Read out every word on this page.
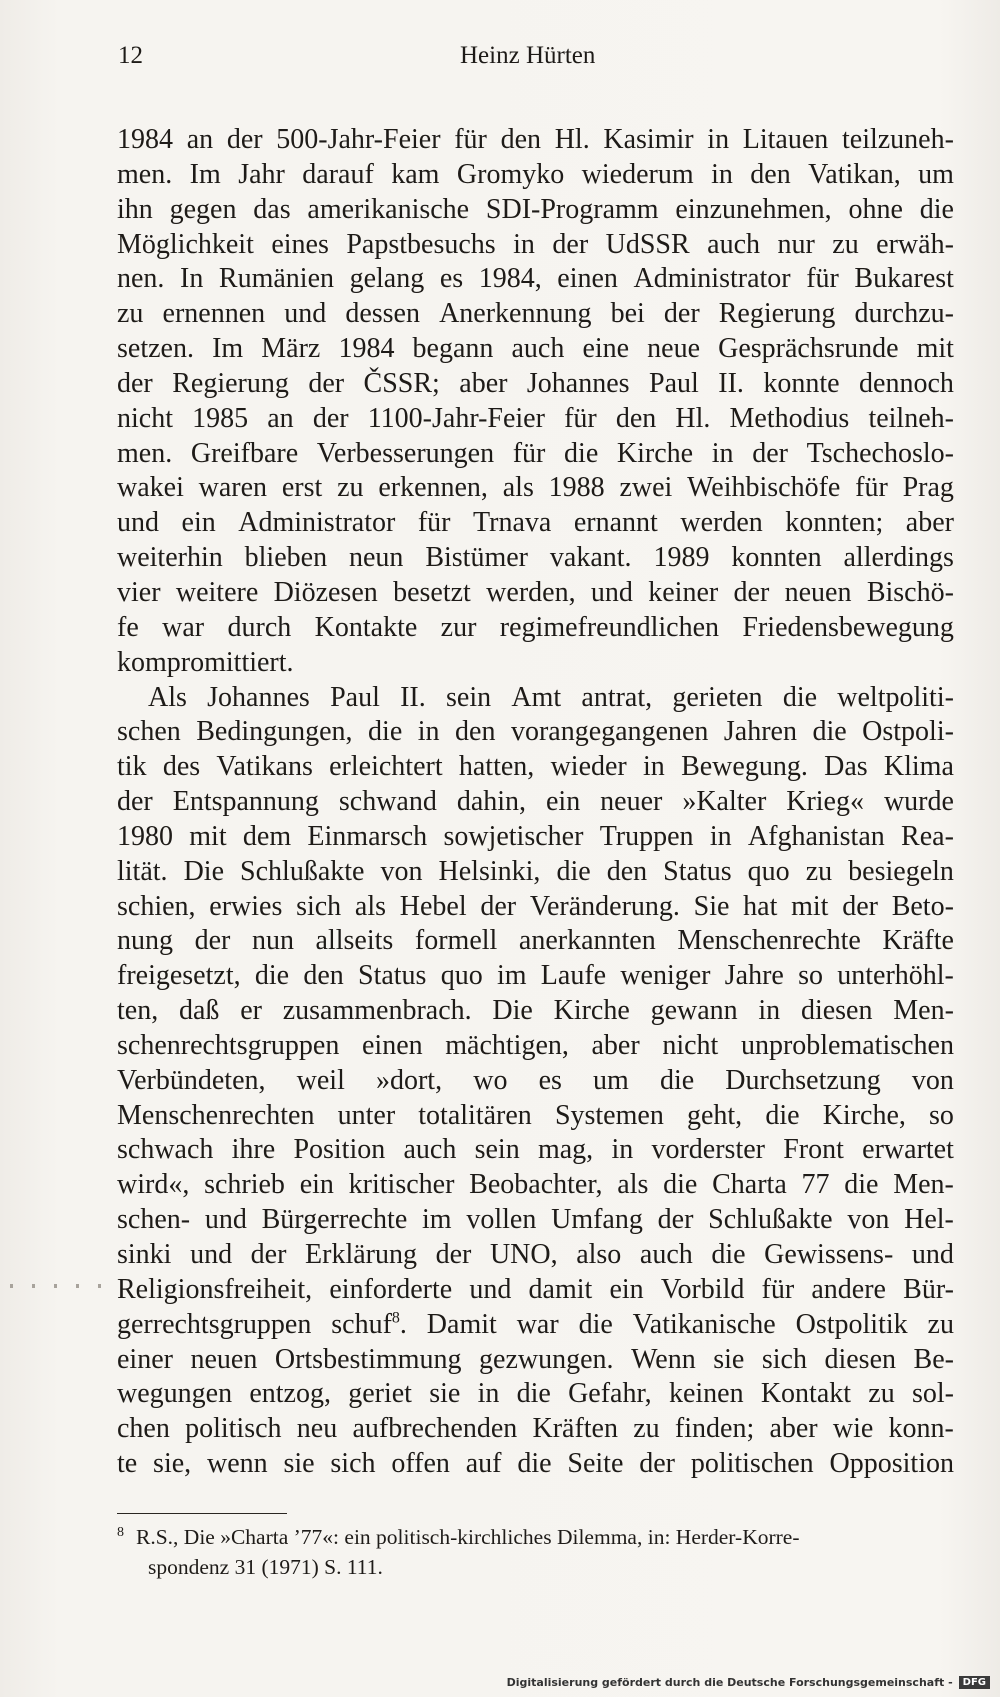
12	Heinz Hürten
1984 an der 500-Jahr-Feier für den Hl. Kasimir in Litauen teilzuneh-
men. Im Jahr darauf kam Gromyko wiederum in den Vatikan, um
ihn gegen das amerikanische SDI-Programm einzunehmen, ohne die
Möglichkeit eines Papstbesuchs in der UdSSR auch nur zu erwäh-
nen. In Rumänien gelang es 1984, einen Administrator für Bukarest
zu ernennen und dessen Anerkennung bei der Regierung durchzu-
setzen. Im März 1984 begann auch eine neue Gesprächsrunde mit
der Regierung der ČSSR; aber Johannes Paul II. konnte dennoch
nicht 1985 an der 1100-Jahr-Feier für den Hl. Methodius teilneh-
men. Greifbare Verbesserungen für die Kirche in der Tschechoslo-
wakei waren erst zu erkennen, als 1988 zwei Weihbischöfe für Prag
und ein Administrator für Trnava ernannt werden konnten; aber
weiterhin blieben neun Bistümer vakant. 1989 konnten allerdings
vier weitere Diözesen besetzt werden, und keiner der neuen Bischö-
fe war durch Kontakte zur regimefreundlichen Friedensbewegung
kompromittiert.
Als Johannes Paul II. sein Amt antrat, gerieten die weltpoliti-
schen Bedingungen, die in den vorangegangenen Jahren die Ostpoli-
tik des Vatikans erleichtert hatten, wieder in Bewegung. Das Klima
der Entspannung schwand dahin, ein neuer »Kalter Krieg« wurde
1980 mit dem Einmarsch sowjetischer Truppen in Afghanistan Rea-
lität. Die Schlußakte von Helsinki, die den Status quo zu besiegeln
schien, erwies sich als Hebel der Veränderung. Sie hat mit der Beto-
nung der nun allseits formell anerkannten Menschenrechte Kräfte
freigesetzt, die den Status quo im Laufe weniger Jahre so unterhöhl-
ten, daß er zusammenbrach. Die Kirche gewann in diesen Men-
schenrechtsgruppen einen mächtigen, aber nicht unproblematischen
Verbündeten, weil »dort, wo es um die Durchsetzung von
Menschenrechten unter totalitären Systemen geht, die Kirche, so
schwach ihre Position auch sein mag, in vorderster Front erwartet
wird«, schrieb ein kritischer Beobachter, als die Charta 77 die Men-
schen- und Bürgerrechte im vollen Umfang der Schlußakte von Hel-
sinki und der Erklärung der UNO, also auch die Gewissens- und
Religionsfreiheit, einforderte und damit ein Vorbild für andere Bür-
gerrechtsgruppen schuf$^8$. Damit war die Vatikanische Ostpolitik zu
einer neuen Ortsbestimmung gezwungen. Wenn sie sich diesen Be-
wegungen entzog, geriet sie in die Gefahr, keinen Kontakt zu sol-
chen politisch neu aufbrechenden Kräften zu finden; aber wie konn-
te sie, wenn sie sich offen auf die Seite der politischen Opposition
$^8$ R.S., Die »Charta ’77«: ein politisch-kirchliches Dilemma, in: Herder-Korre-
spondenz 31 (1971) S. 111.
Digitalisierung gefördert durch die Deutsche Forschungsgemeinschaft -	DFG
